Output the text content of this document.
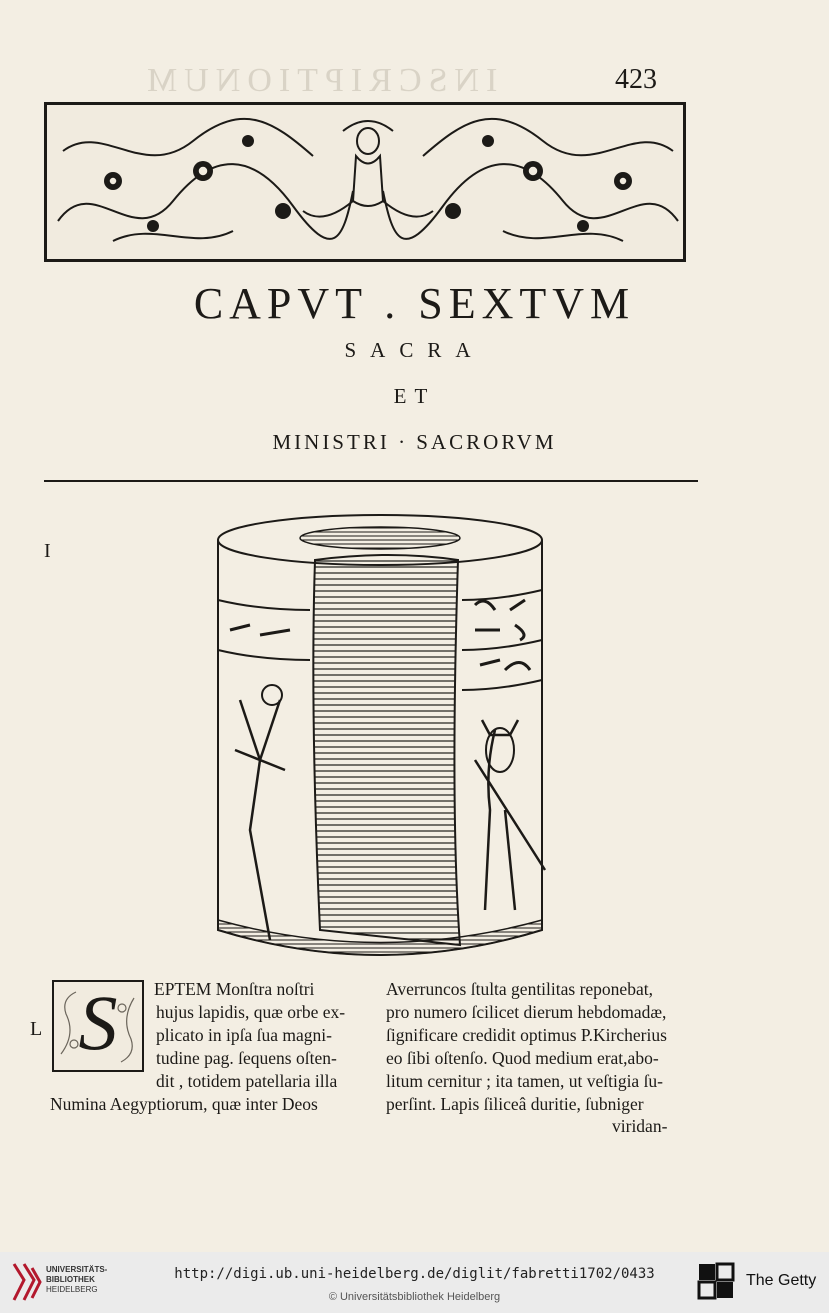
INSCRIPTIONUM	423
CAPVT . SEXTVM
SACRA
ET
MINISTRI · SACRORVM
I
L S	EPTEM Monſtra noſtri
hujus lapidis, quæ orbe ex-
plicato in ipſa ſua magni-
tudine pag. ſequens oſten-
dit , totidem patellaria illa
Numina Aegyptiorum, quæ inter Deos
Averruncos ſtulta gentilitas reponebat,
pro numero ſcilicet dierum hebdomadæ,
ſignificare credidit optimus P.Kircherius
eo ſibi oſtenſo. Quod medium erat,abo-
litum cernitur ; ita tamen, ut veſtigia ſu-
perſint. Lapis ſiliceâ duritie, ſubniger
viridan-
UNIVERSITÄTS-
BIBLIOTHEK
HEIDELBERG
http://digi.ub.uni-heidelberg.de/diglit/fabretti1702/0433
© Universitätsbibliothek Heidelberg
The Getty
